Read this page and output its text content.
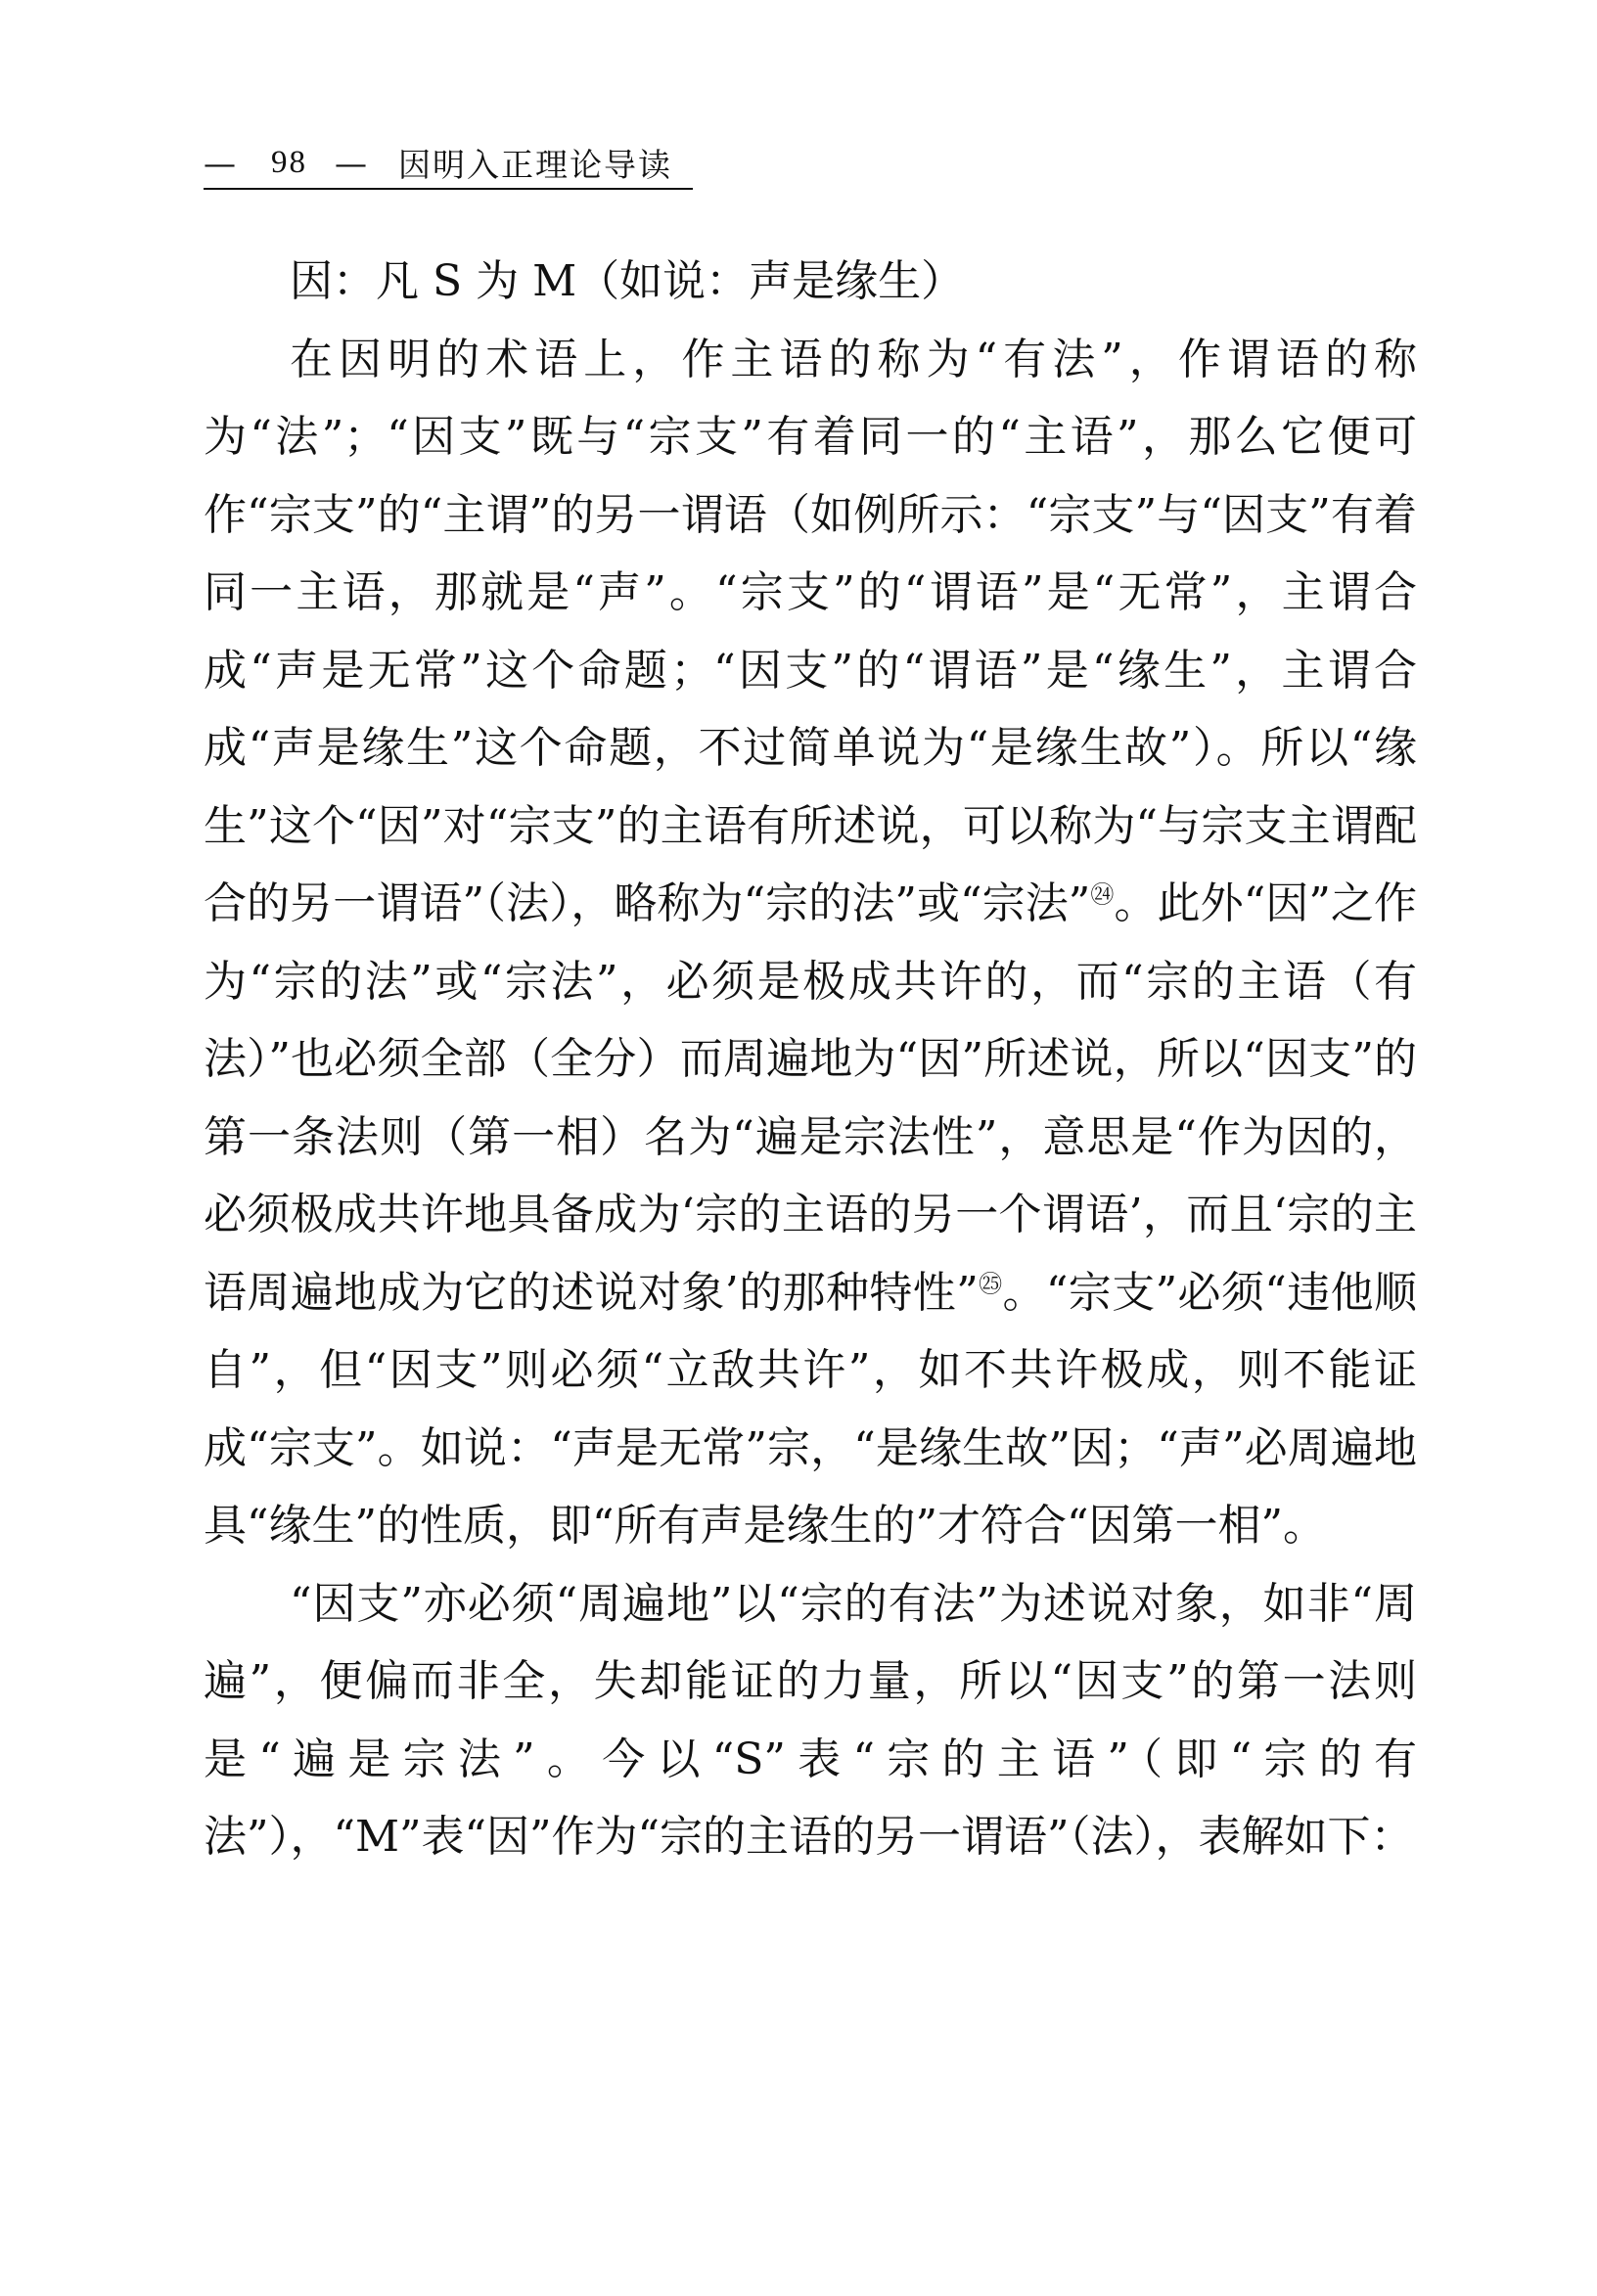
— 98 — 因明入正理论导读

因：凡 S 为 M（如说：声是缘生）

在因明的术语上，作主语的称为“有法”，作谓语的称为“法”；“因支”既与“宗支”有着同一的“主语”，那么它便可作“宗支”的“主谓”的另一谓语（如例所示：“宗支”与“因支”有着同一主语，那就是“声”。“宗支”的“谓语”是“无常”，主谓合成“声是无常”这个命题；“因支”的“谓语”是“缘生”，主谓合成“声是缘生”这个命题，不过简单说为“是缘生故”）。所以“缘生”这个“因”对“宗支”的主语有所述说，可以称为“与宗支主谓配合的另一谓语”（法），略称为“宗的法”或“宗法”$^㉔$。此外“因”之作为“宗的法”或“宗法”，必须是极成共许的，而“宗的主语（有法）”也必须全部（全分）而周遍地为“因”所述说，所以“因支”的第一条法则（第一相）名为“遍是宗法性”，意思是“作为因的，必须极成共许地具备成为‘宗的主语的另一个谓语’，而且‘宗的主语周遍地成为它的述说对象’的那种特性”$^㉕$。“宗支”必须“违他顺自”，但“因支”则必须“立敌共许”，如不共许极成，则不能证成“宗支”。如说：“声是无常”宗，“是缘生故”因；“声”必周遍地具“缘生”的性质，即“所有声是缘生的”才符合“因第一相”。

“因支”亦必须“周遍地”以“宗的有法”为述说对象，如非“周遍”，便偏而非全，失却能证的力量，所以“因支”的第一法则是“遍是宗法”。今以“S”表“宗的主语”（即“宗的有法”），“M”表“因”作为“宗的主语的另一谓语”（法），表解如下：
